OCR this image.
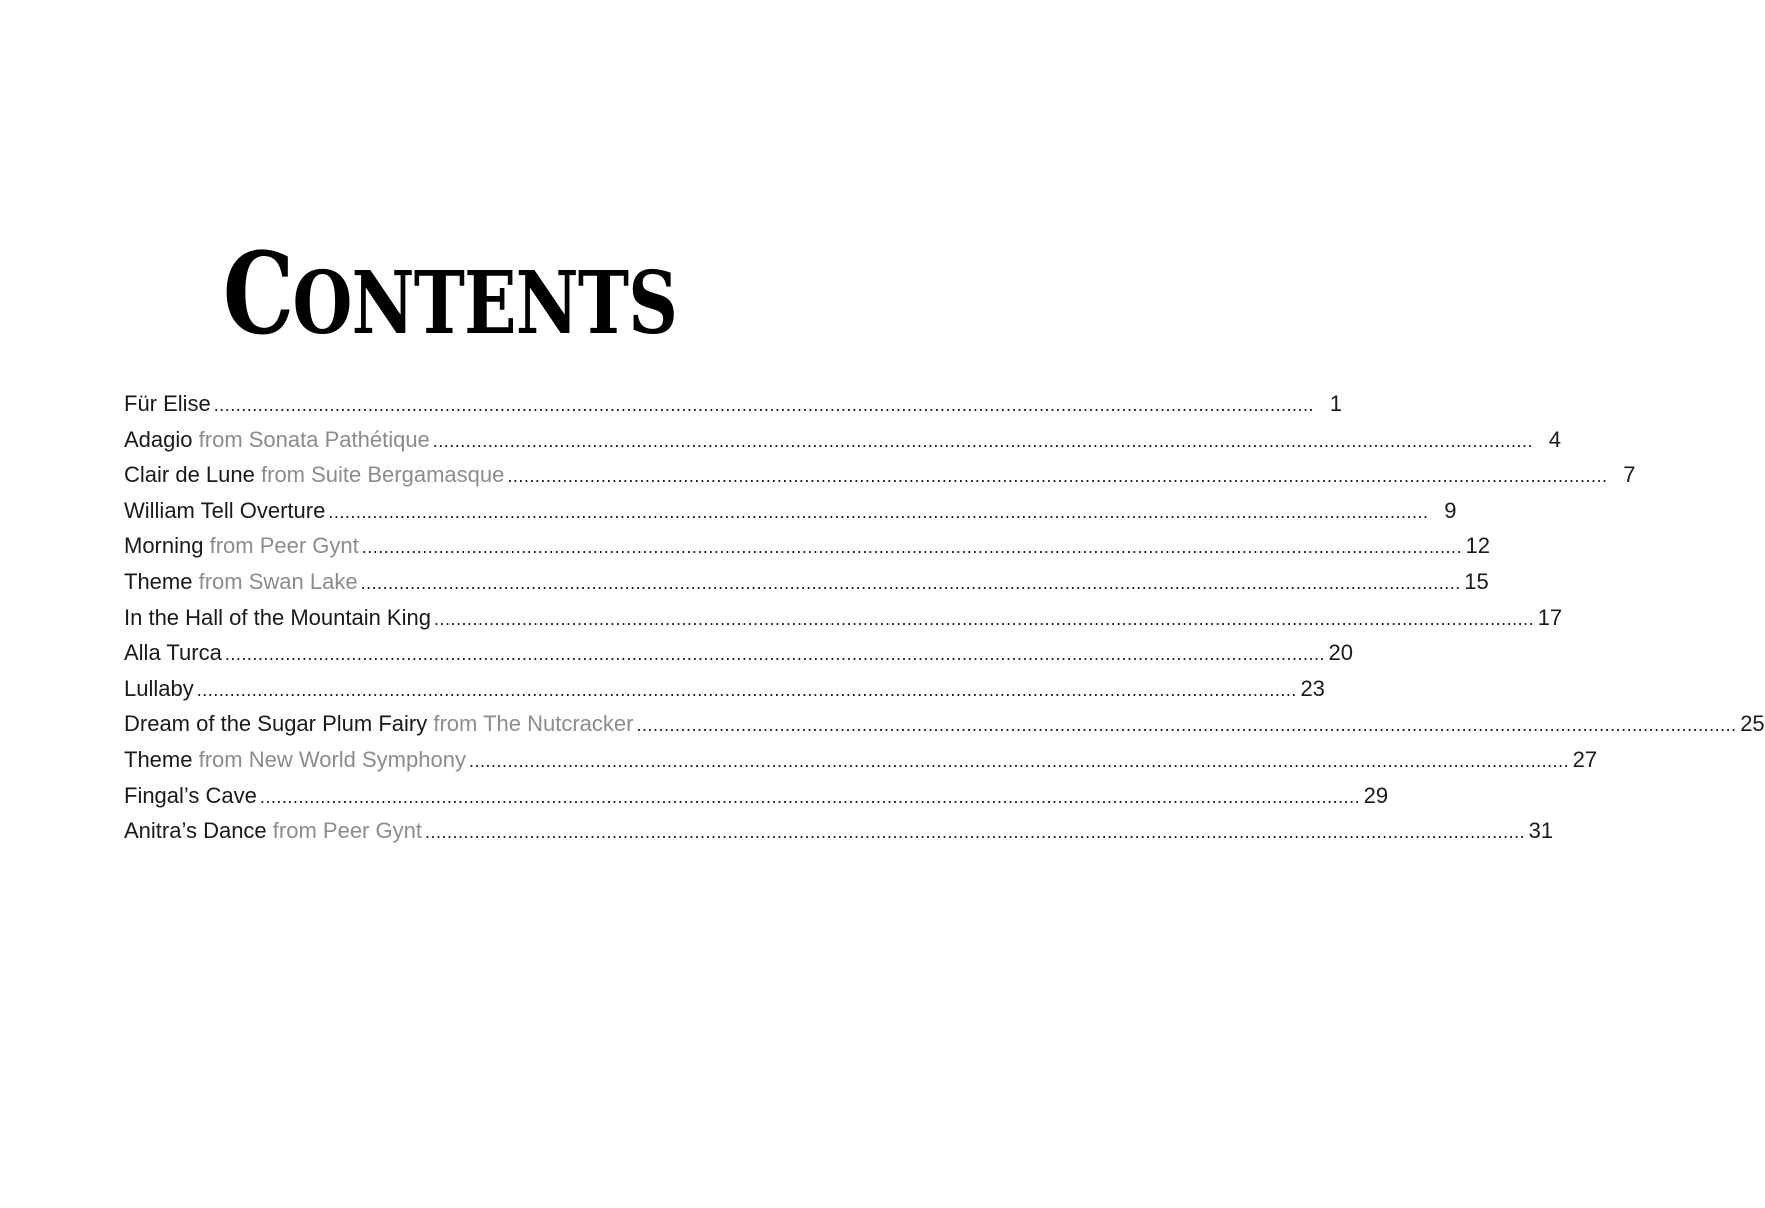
CONTENTS
Für Elise ........................................................................................................................................................................................................ 1
Adagio from Sonata Pathétique ........................................................................................................................................................................................................ 4
Clair de Lune from Suite Bergamasque ........................................................................................................................................................................................................ 7
William Tell Overture ........................................................................................................................................................................................................ 9
Morning from Peer Gynt ........................................................................................................................................................................................................ 12
Theme from Swan Lake ........................................................................................................................................................................................................ 15
In the Hall of the Mountain King ........................................................................................................................................................................................................ 17
Alla Turca ........................................................................................................................................................................................................ 20
Lullaby ........................................................................................................................................................................................................ 23
Dream of the Sugar Plum Fairy from The Nutcracker ........................................................................................................................................................................................................ 25
Theme from New World Symphony ........................................................................................................................................................................................................ 27
Fingal’s Cave ........................................................................................................................................................................................................ 29
Anitra’s Dance from Peer Gynt ........................................................................................................................................................................................................ 31
